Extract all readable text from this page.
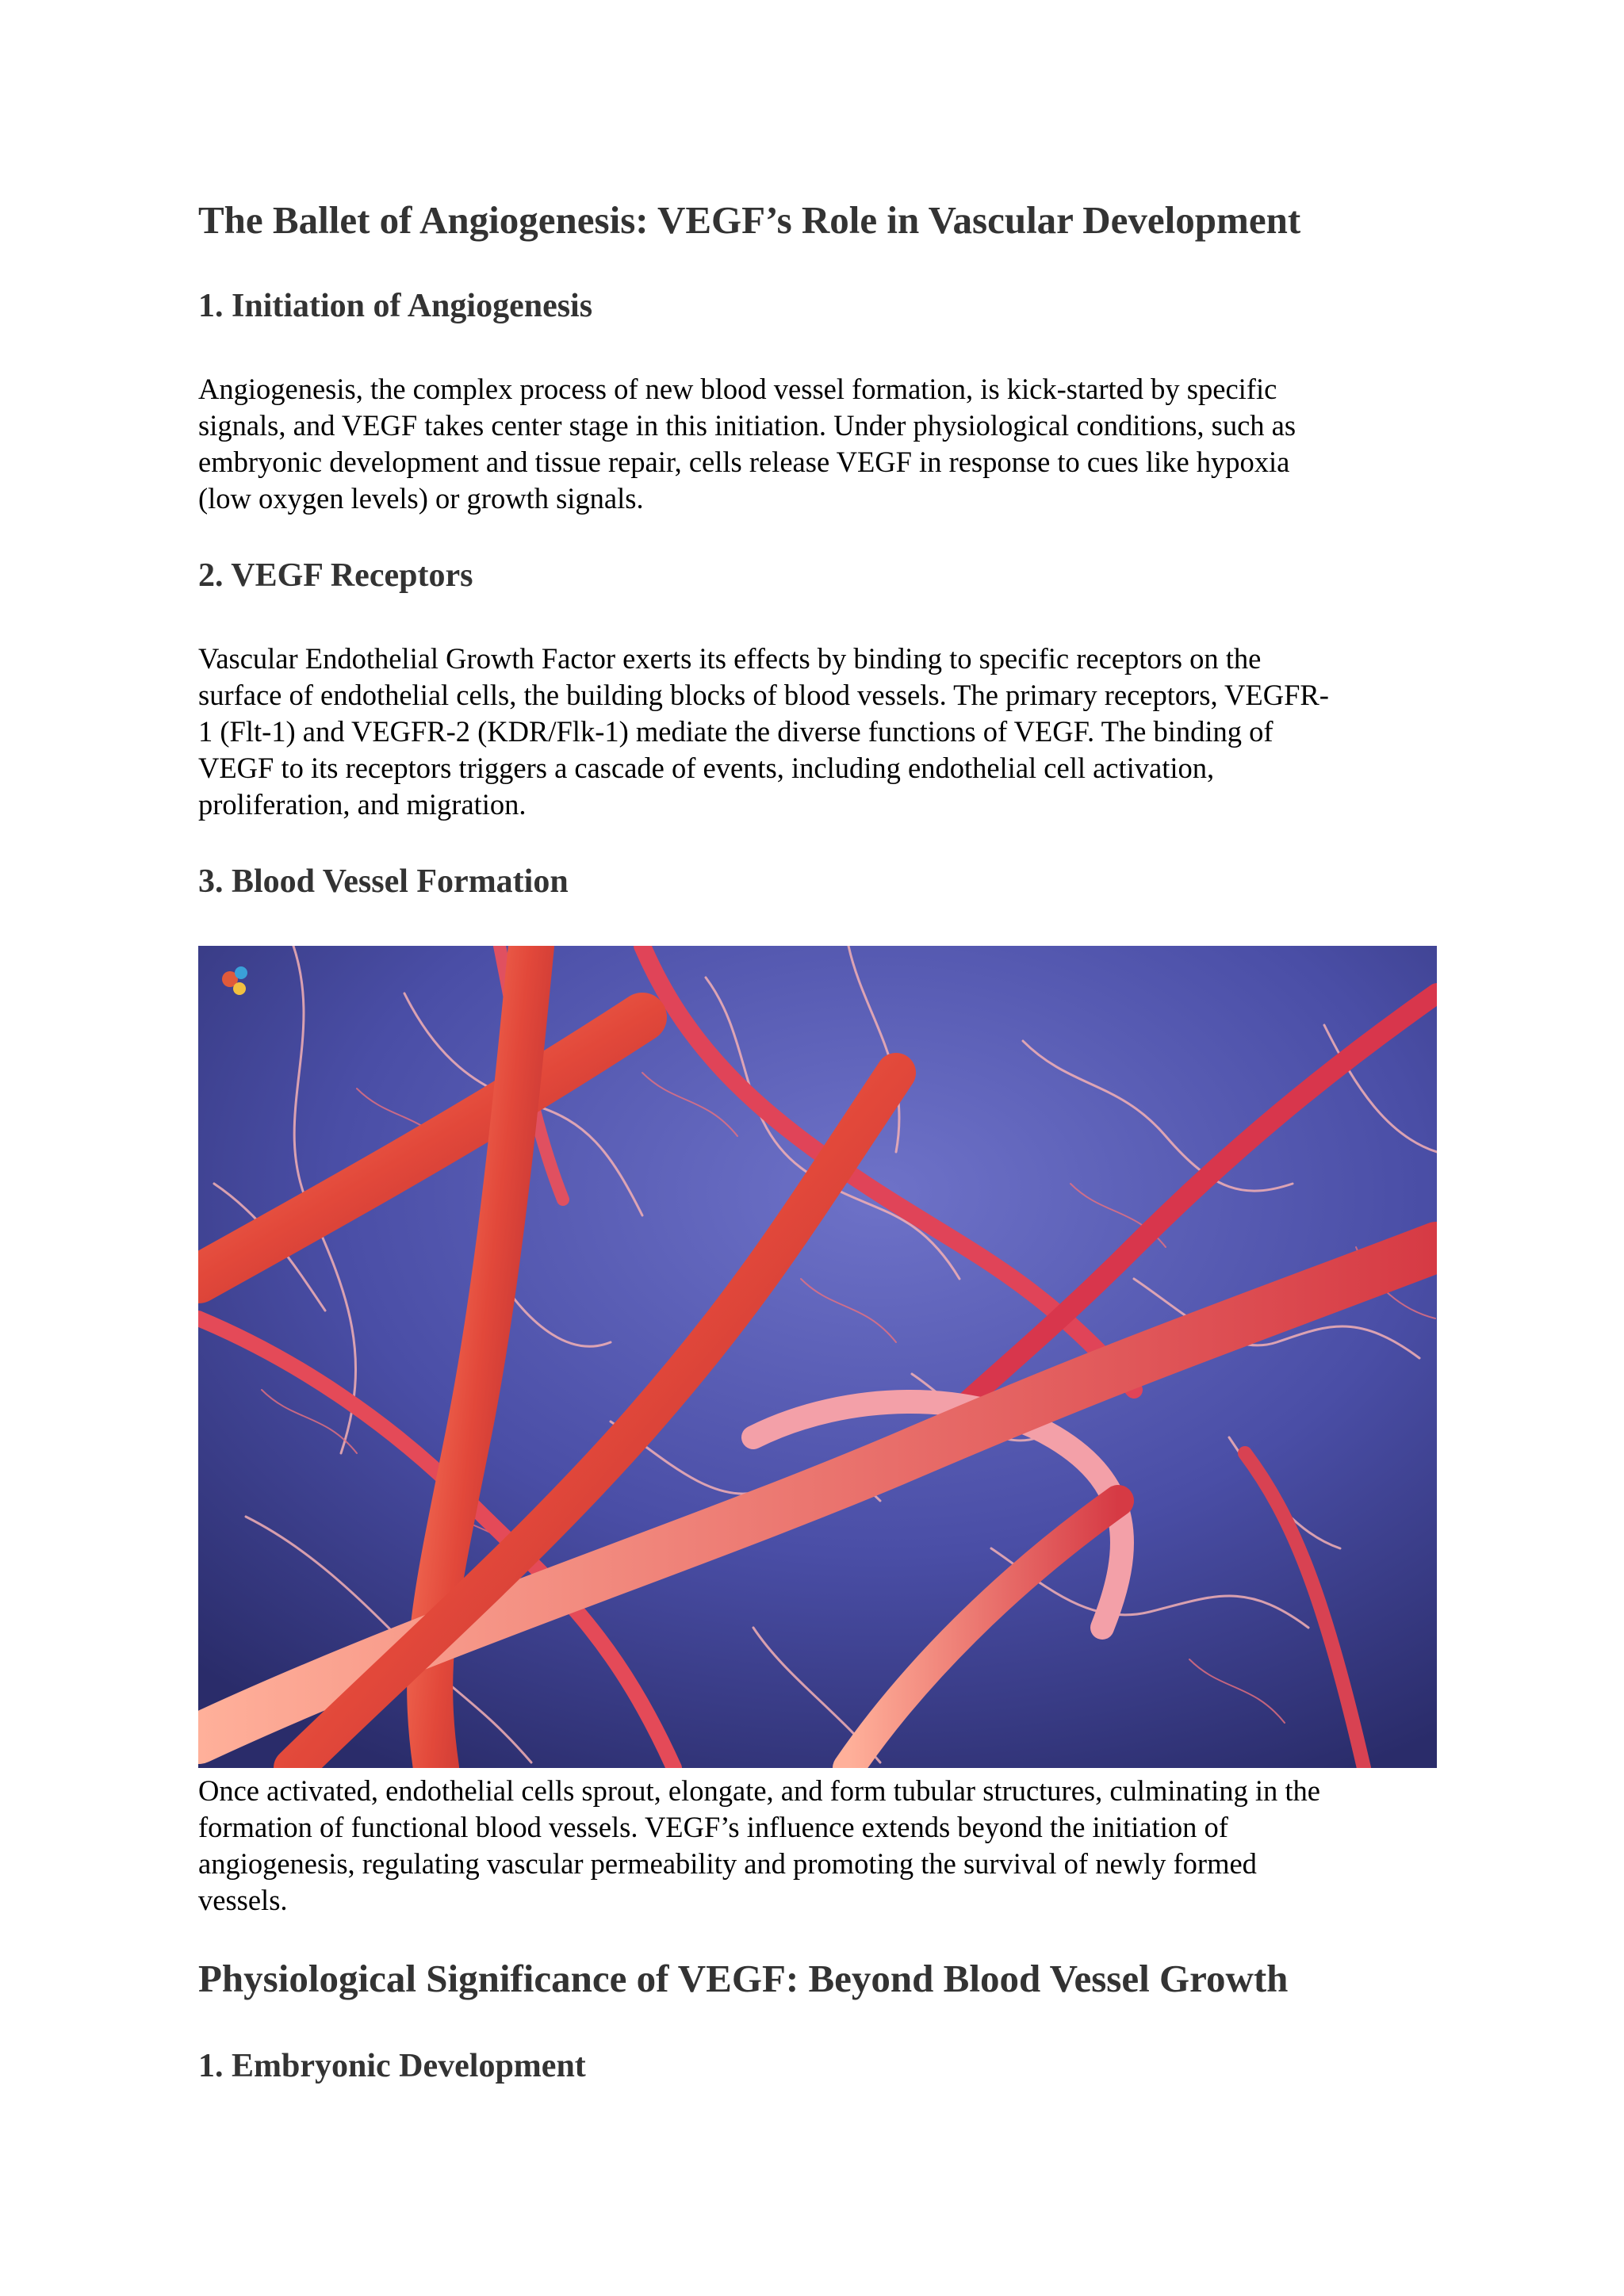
The Ballet of Angiogenesis: VEGF’s Role in Vascular Development
1. Initiation of Angiogenesis

Angiogenesis, the complex process of new blood vessel formation, is kick-started by specific
signals, and VEGF takes center stage in this initiation. Under physiological conditions, such as
embryonic development and tissue repair, cells release VEGF in response to cues like hypoxia
(low oxygen levels) or growth signals.

2. VEGF Receptors

Vascular Endothelial Growth Factor exerts its effects by binding to specific receptors on the
surface of endothelial cells, the building blocks of blood vessels. The primary receptors, VEGFR-
1 (Flt-1) and VEGFR-2 (KDR/Flk-1) mediate the diverse functions of VEGF. The binding of
VEGF to its receptors triggers a cascade of events, including endothelial cell activation,
proliferation, and migration.

3. Blood Vessel Formation

Once activated, endothelial cells sprout, elongate, and form tubular structures, culminating in the
formation of functional blood vessels. VEGF’s influence extends beyond the initiation of
angiogenesis, regulating vascular permeability and promoting the survival of newly formed
vessels.

Physiological Significance of VEGF: Beyond Blood Vessel Growth
1. Embryonic Development
